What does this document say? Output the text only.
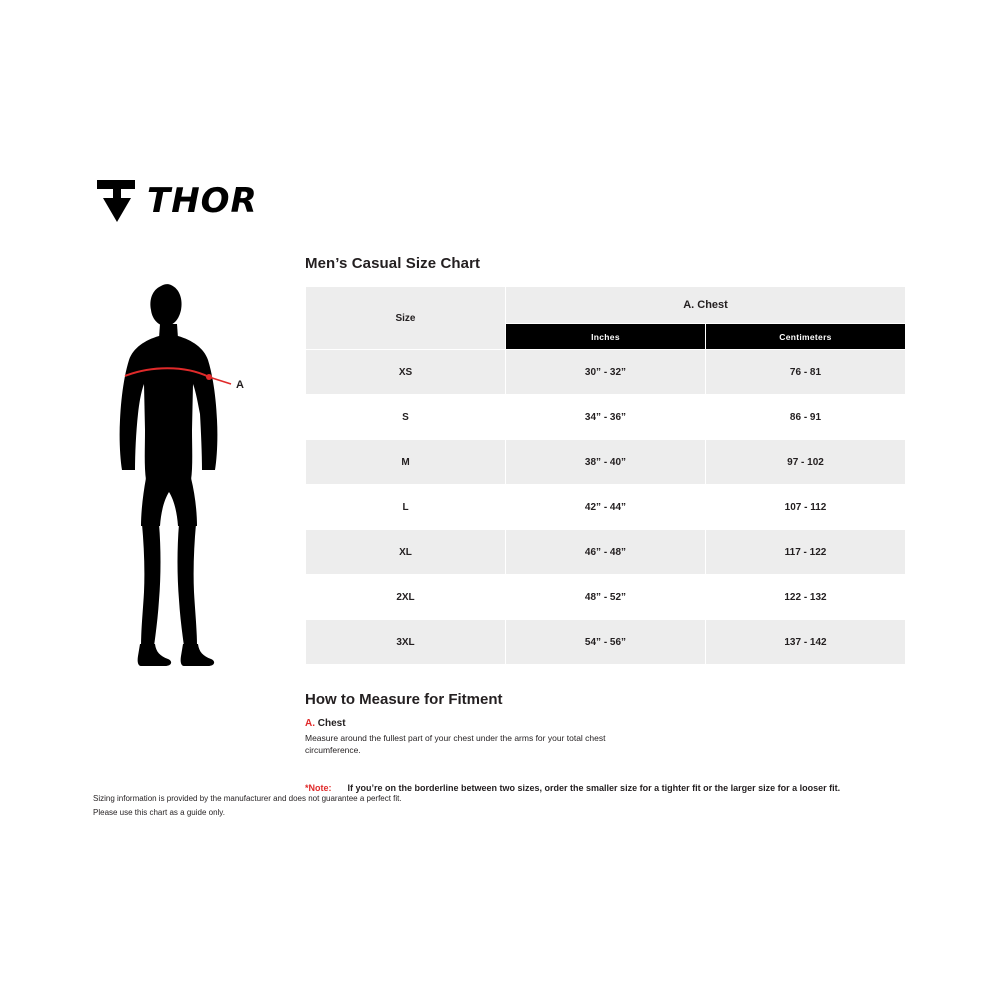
THOR
A
Men’s Casual Size Chart
Size	A. Chest	
	Inches	Centimeters
XS	30” - 32”	76 - 81
S	34” - 36”	86 - 91
M	38” - 40”	97 - 102
L	42” - 44”	107 - 112
XL	46” - 48”	117 - 122
2XL	48” - 52”	122 - 132
3XL	54” - 56”	137 - 142
How to Measure for Fitment
A. Chest
Measure around the fullest part of your chest under the arms for your total chest circumference.
*Note: If you’re on the borderline between two sizes, order the smaller size for a tighter fit or the larger size for a looser fit.
Sizing information is provided by the manufacturer and does not guarantee a perfect fit.
Please use this chart as a guide only.
